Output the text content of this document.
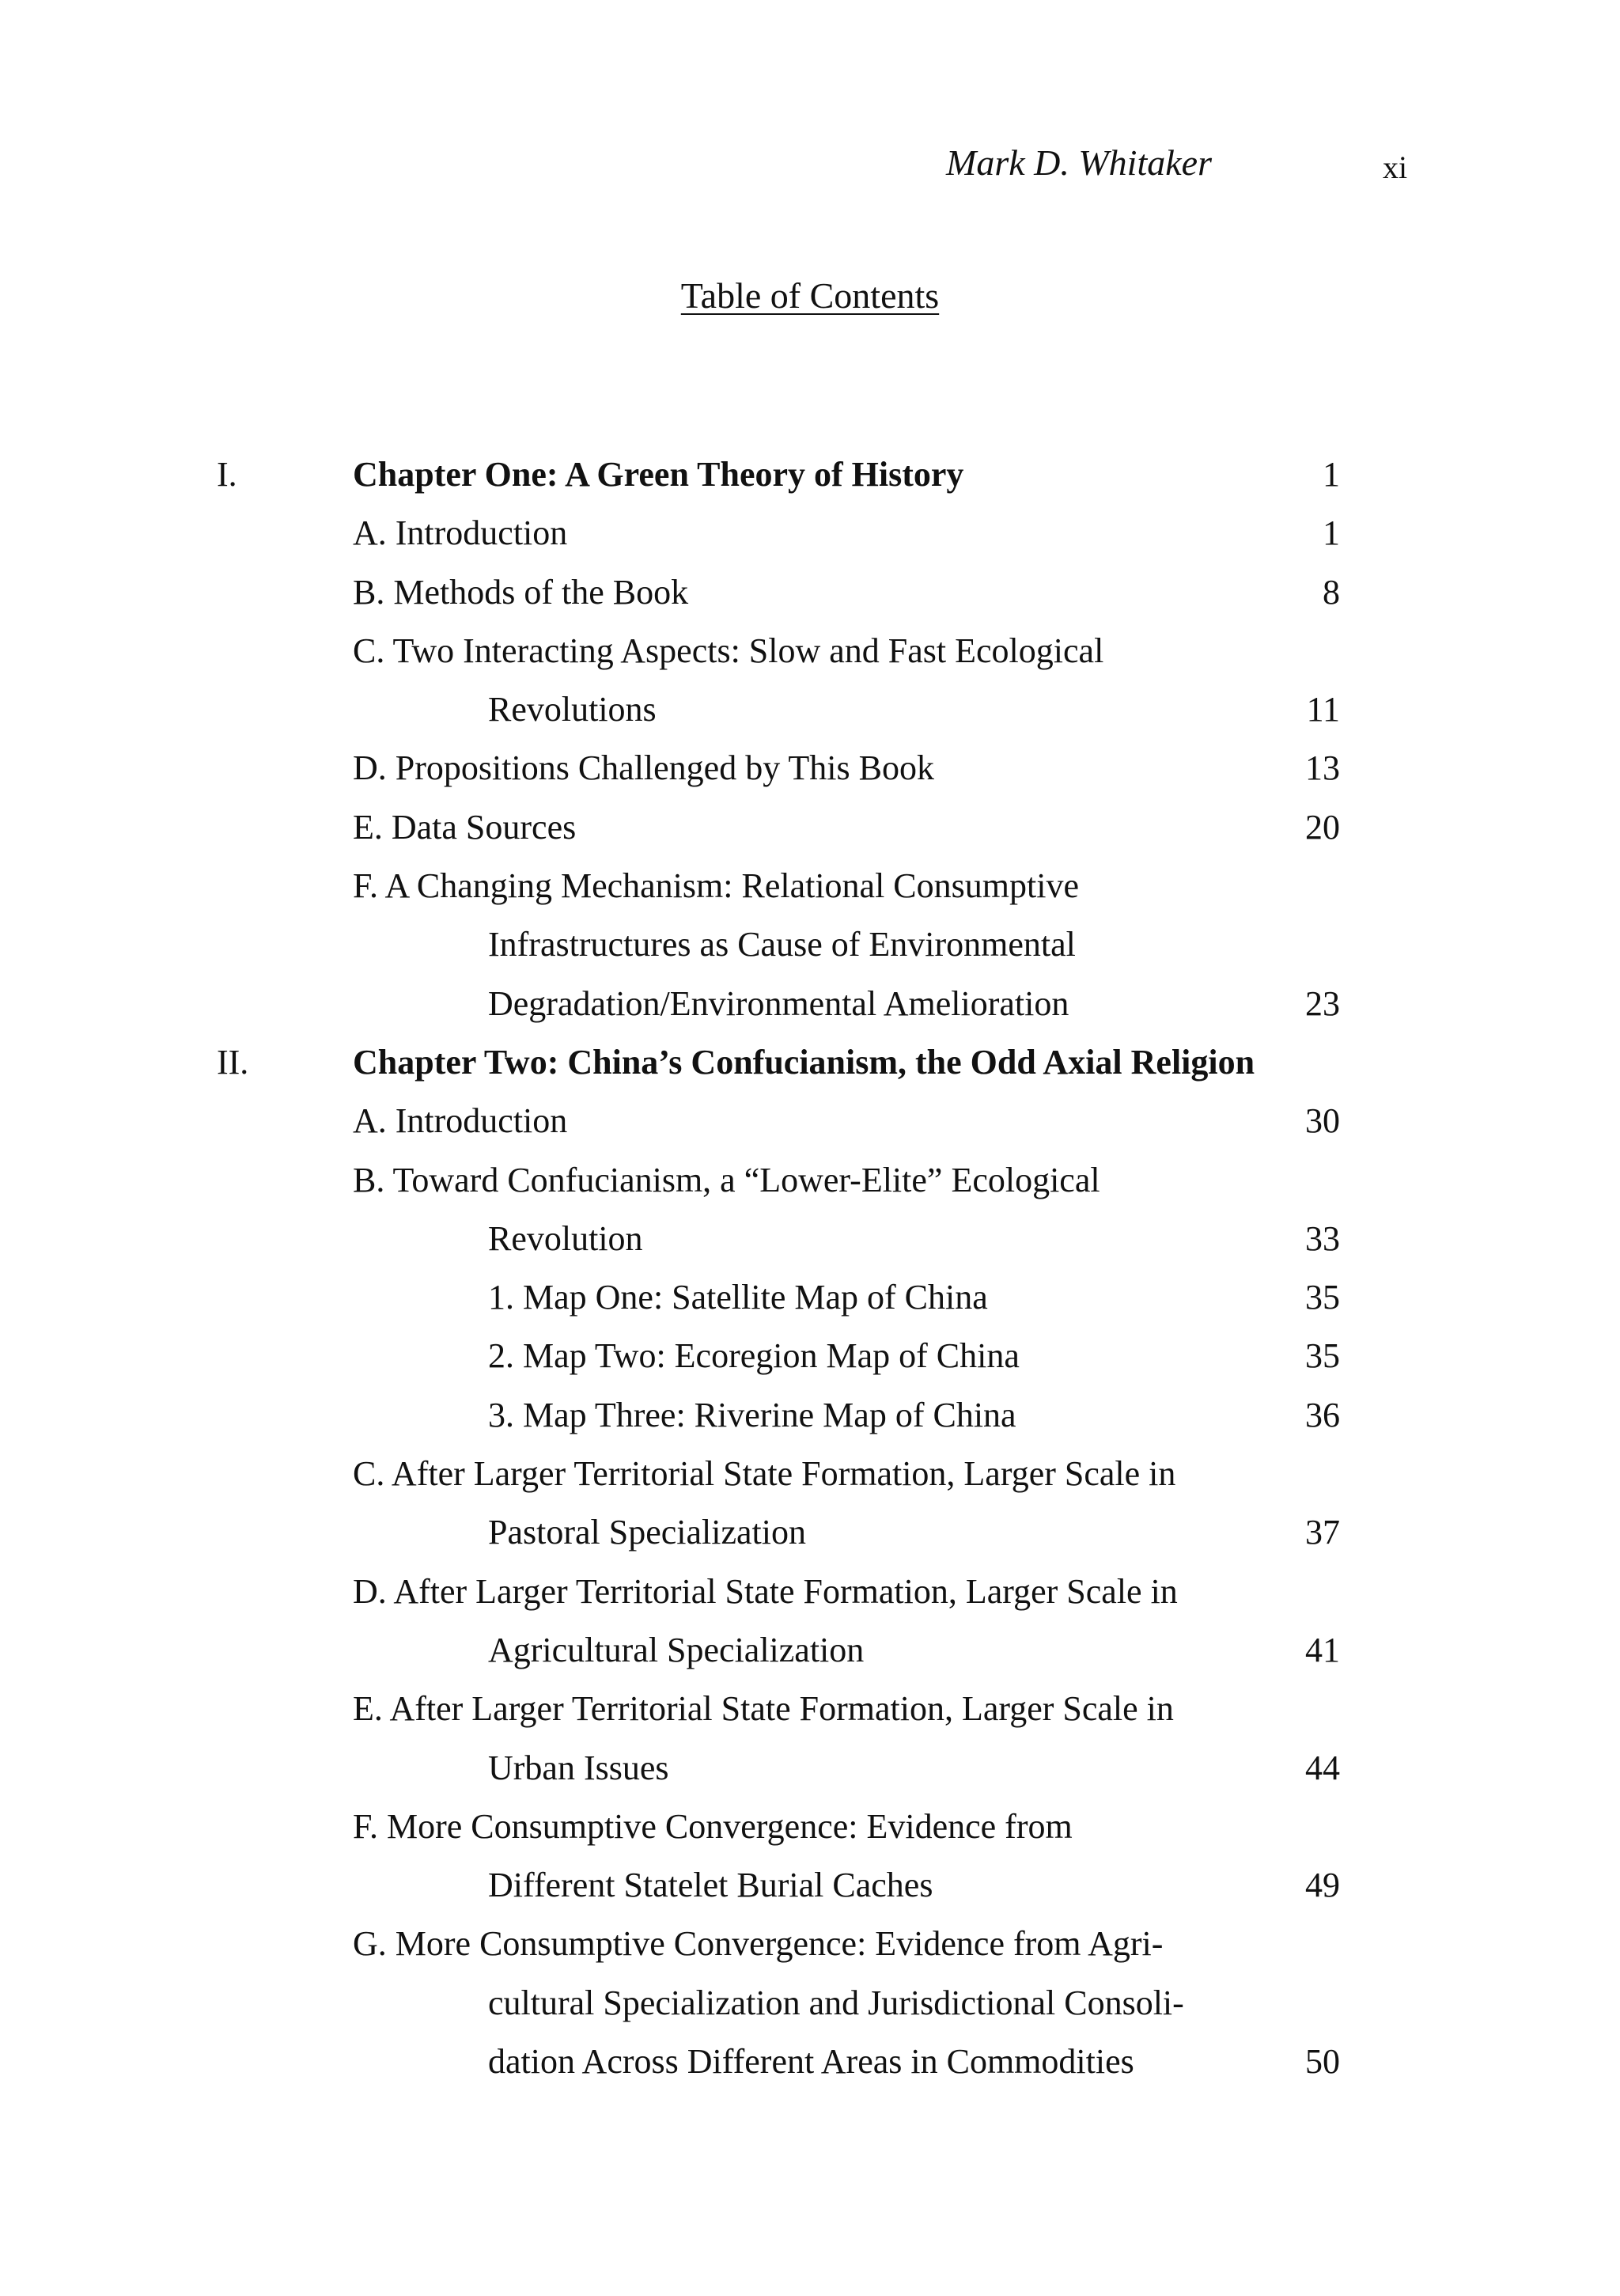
Mark D. Whitaker	xi
Table of Contents
I.	Chapter One: A Green Theory of History	1
A. Introduction	1
B. Methods of the Book	8
C. Two Interacting Aspects: Slow and Fast Ecological
Revolutions	11
D. Propositions Challenged by This Book	13
E. Data Sources	20
F. A Changing Mechanism: Relational Consumptive
Infrastructures as Cause of Environmental
Degradation/Environmental Amelioration	23
II.	Chapter Two: China’s Confucianism, the Odd Axial Religion
A. Introduction	30
B. Toward Confucianism, a “Lower-Elite” Ecological
Revolution	33
1. Map One: Satellite Map of China	35
2. Map Two: Ecoregion Map of China	35
3. Map Three: Riverine Map of China	36
C. After Larger Territorial State Formation, Larger Scale in
Pastoral Specialization	37
D. After Larger Territorial State Formation, Larger Scale in
Agricultural Specialization	41
E. After Larger Territorial State Formation, Larger Scale in
Urban Issues	44
F. More Consumptive Convergence: Evidence from
Different Statelet Burial Caches	49
G. More Consumptive Convergence: Evidence from Agri-
cultural Specialization and Jurisdictional Consoli-
dation Across Different Areas in Commodities	50
